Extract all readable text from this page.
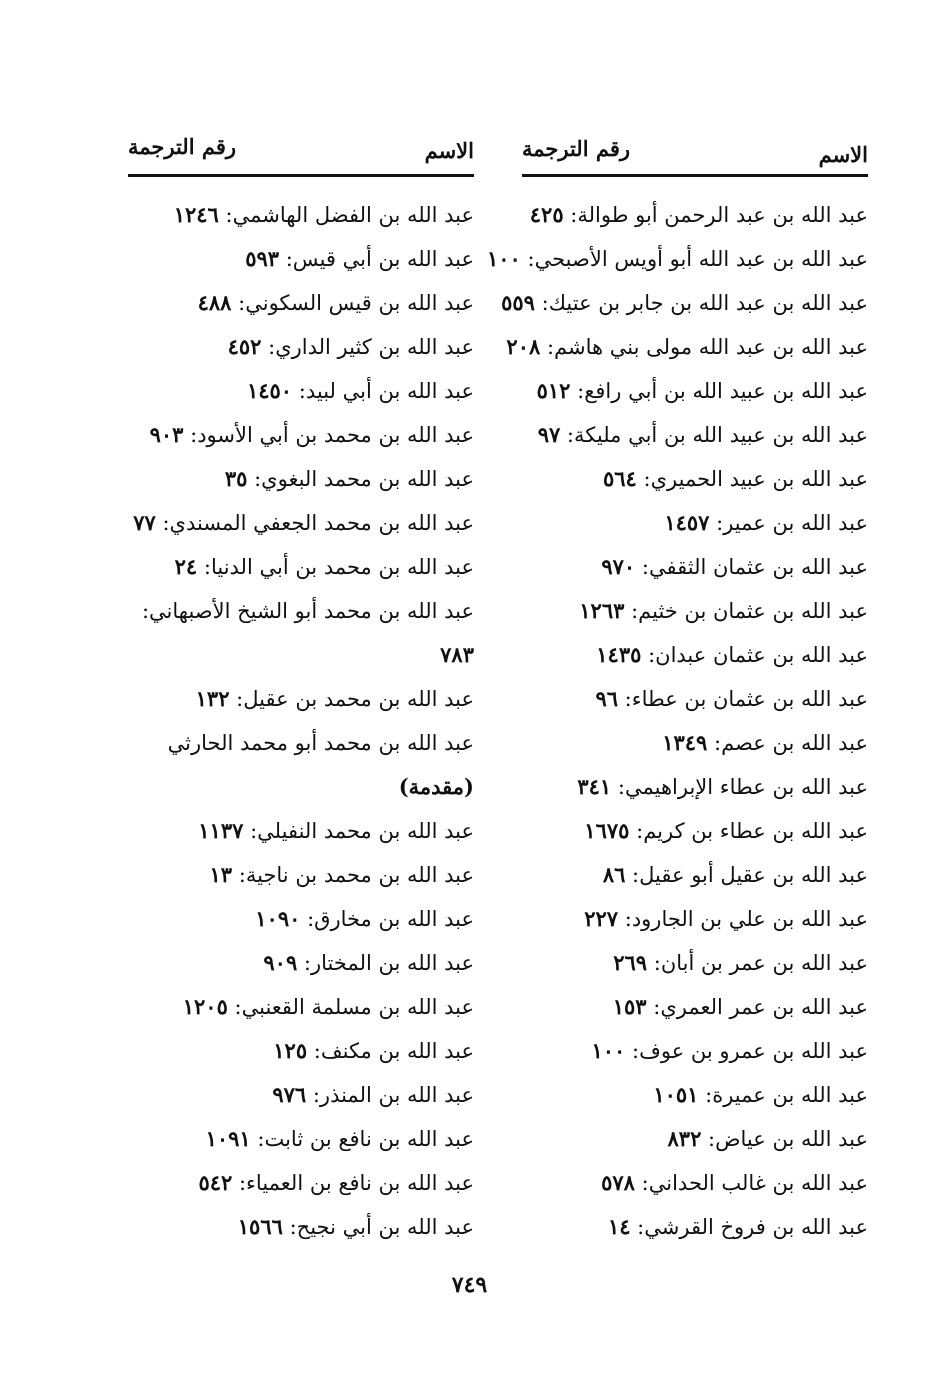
الاسم
رقم الترجمة
عبد الله بن عبد الرحمن أبو طوالة: ٤٢٥
عبد الله بن عبد الله أبو أويس الأصبحي: ١٠٠
عبد الله بن عبد الله بن جابر بن عتيك: ٥٥٩
عبد الله بن عبد الله مولى بني هاشم: ٢٠٨
عبد الله بن عبيد الله بن أبي رافع: ٥١٢
عبد الله بن عبيد الله بن أبي مليكة: ٩٧
عبد الله بن عبيد الحميري: ٥٦٤
عبد الله بن عمير: ١٤٥٧
عبد الله بن عثمان الثقفي: ٩٧٠
عبد الله بن عثمان بن خثيم: ١٢٦٣
عبد الله بن عثمان عبدان: ١٤٣٥
عبد الله بن عثمان بن عطاء: ٩٦
عبد الله بن عصم: ١٣٤٩
عبد الله بن عطاء الإبراهيمي: ٣٤١
عبد الله بن عطاء بن كريم: ١٦٧٥
عبد الله بن عقيل أبو عقيل: ٨٦
عبد الله بن علي بن الجارود: ٢٢٧
عبد الله بن عمر بن أبان: ٢٦٩
عبد الله بن عمر العمري: ١٥٣
عبد الله بن عمرو بن عوف: ١٠٠
عبد الله بن عميرة: ١٠٥١
عبد الله بن عياض: ٨٣٢
عبد الله بن غالب الحداني: ٥٧٨
عبد الله بن فروخ القرشي: ١٤
الاسم
رقم الترجمة
عبد الله بن الفضل الهاشمي: ١٢٤٦
عبد الله بن أبي قيس: ٥٩٣
عبد الله بن قيس السكوني: ٤٨٨
عبد الله بن كثير الداري: ٤٥٢
عبد الله بن أبي لبيد: ١٤٥٠
عبد الله بن محمد بن أبي الأسود: ٩٠٣
عبد الله بن محمد البغوي: ٣٥
عبد الله بن محمد الجعفي المسندي: ٧٧
عبد الله بن محمد بن أبي الدنيا: ٢٤
عبد الله بن محمد أبو الشيخ الأصبهاني:
٧٨٣
عبد الله بن محمد بن عقيل: ١٣٢
عبد الله بن محمد أبو محمد الحارثي
(مقدمة)
عبد الله بن محمد النفيلي: ١١٣٧
عبد الله بن محمد بن ناجية: ١٣
عبد الله بن مخارق: ١٠٩٠
عبد الله بن المختار: ٩٠٩
عبد الله بن مسلمة القعنبي: ١٢٠٥
عبد الله بن مكنف: ١٢٥
عبد الله بن المنذر: ٩٧٦
عبد الله بن نافع بن ثابت: ١٠٩١
عبد الله بن نافع بن العمياء: ٥٤٢
عبد الله بن أبي نجيح: ١٥٦٦
٧٤٩
